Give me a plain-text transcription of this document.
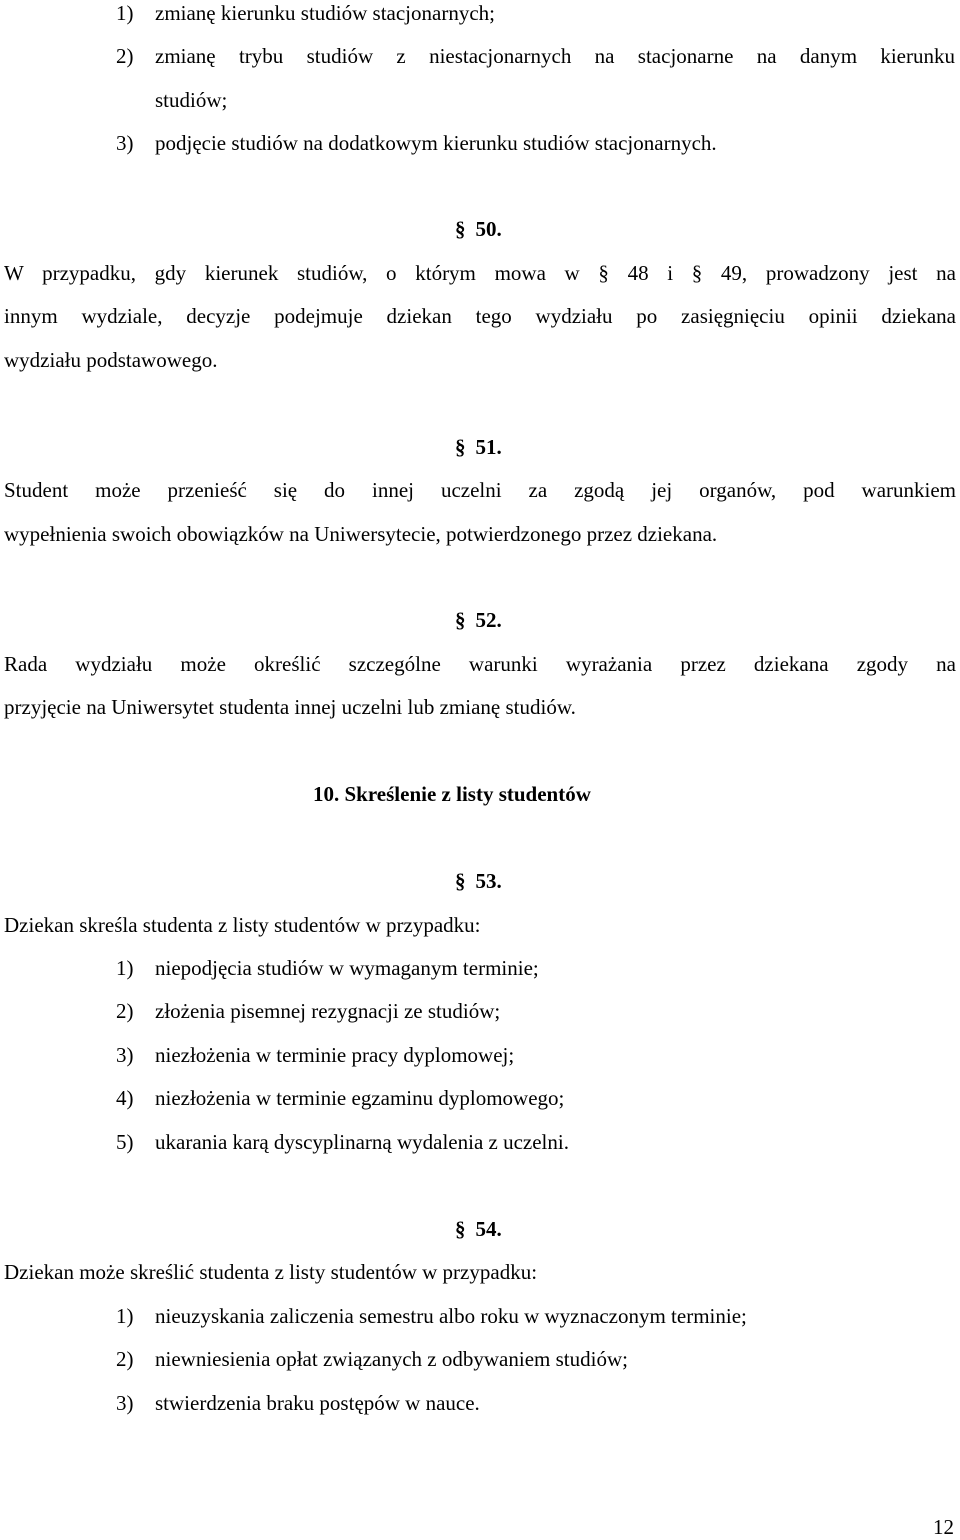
1) zmianę kierunku studiów stacjonarnych;
2) zmianę trybu studiów z niestacjonarnych na stacjonarne na danym kierunku
studiów;
3) podjęcie studiów na dodatkowym kierunku studiów stacjonarnych.
§ 50.
W przypadku, gdy kierunek studiów, o którym mowa w § 48 i § 49, prowadzony jest na
innym wydziale, decyzje podejmuje dziekan tego wydziału po zasięgnięciu opinii dziekana
wydziału podstawowego.
§ 51.
Student może przenieść się do innej uczelni za zgodą jej organów, pod warunkiem
wypełnienia swoich obowiązków na Uniwersytecie, potwierdzonego przez dziekana.
§ 52.
Rada wydziału może określić szczególne warunki wyrażania przez dziekana zgody na
przyjęcie na Uniwersytet studenta innej uczelni lub zmianę studiów.
10. Skreślenie z listy studentów
§ 53.
Dziekan skreśla studenta z listy studentów w przypadku:
1) niepodjęcia studiów w wymaganym terminie;
2) złożenia pisemnej rezygnacji ze studiów;
3) niezłożenia w terminie pracy dyplomowej;
4) niezłożenia w terminie egzaminu dyplomowego;
5) ukarania karą dyscyplinarną wydalenia z uczelni.
§ 54.
Dziekan może skreślić studenta z listy studentów w przypadku:
1) nieuzyskania zaliczenia semestru albo roku w wyznaczonym terminie;
2) niewniesienia opłat związanych z odbywaniem studiów;
3) stwierdzenia braku postępów w nauce.
12
